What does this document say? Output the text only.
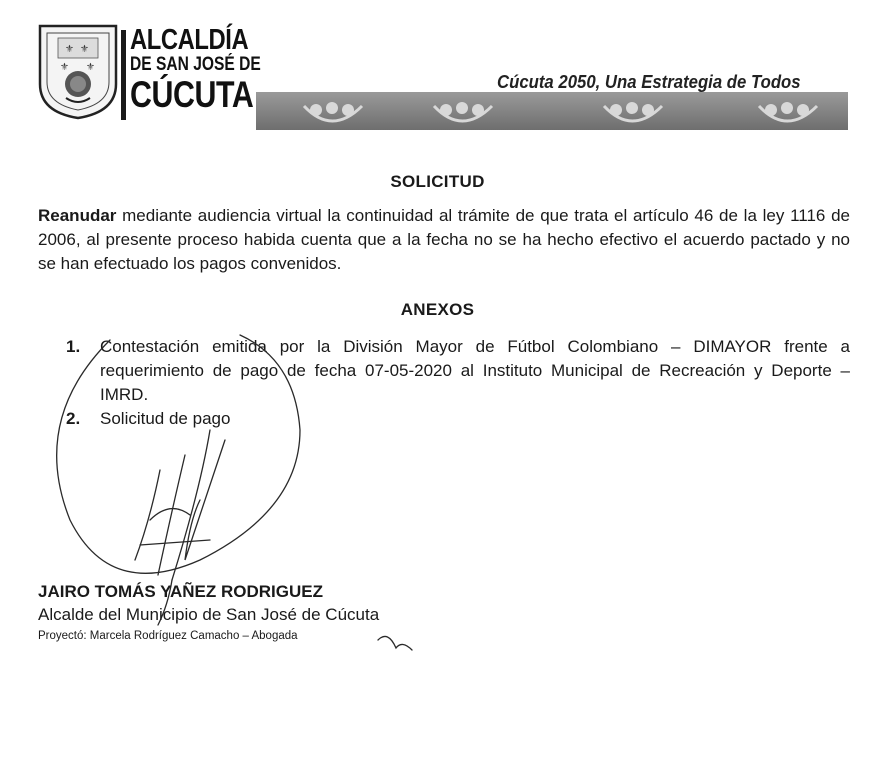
⚜ ⚜
⚜ ⚜
ALCALDÍA
DE SAN JOSÉ DE
CÚCUTA	Cúcuta 2050, Una Estrategia de Todos
SOLICITUD
Reanudar mediante audiencia virtual la continuidad al trámite de que trata el artículo 46 de la ley 1116 de 2006, al presente proceso habida cuenta que a la fecha no se ha hecho efectivo el acuerdo pactado y no se han efectuado los pagos convenidos.
ANEXOS
1.	Contestación emitida por la División Mayor de Fútbol Colombiano – DIMAYOR frente a requerimiento de pago de fecha 07-05-2020 al Instituto Municipal de Recreación y Deporte – IMRD.
2.	Solicitud de pago
JAIRO TOMÁS YAÑEZ RODRIGUEZ
Alcalde del Municipio de San José de Cúcuta
Proyectó: Marcela Rodríguez Camacho – Abogada
